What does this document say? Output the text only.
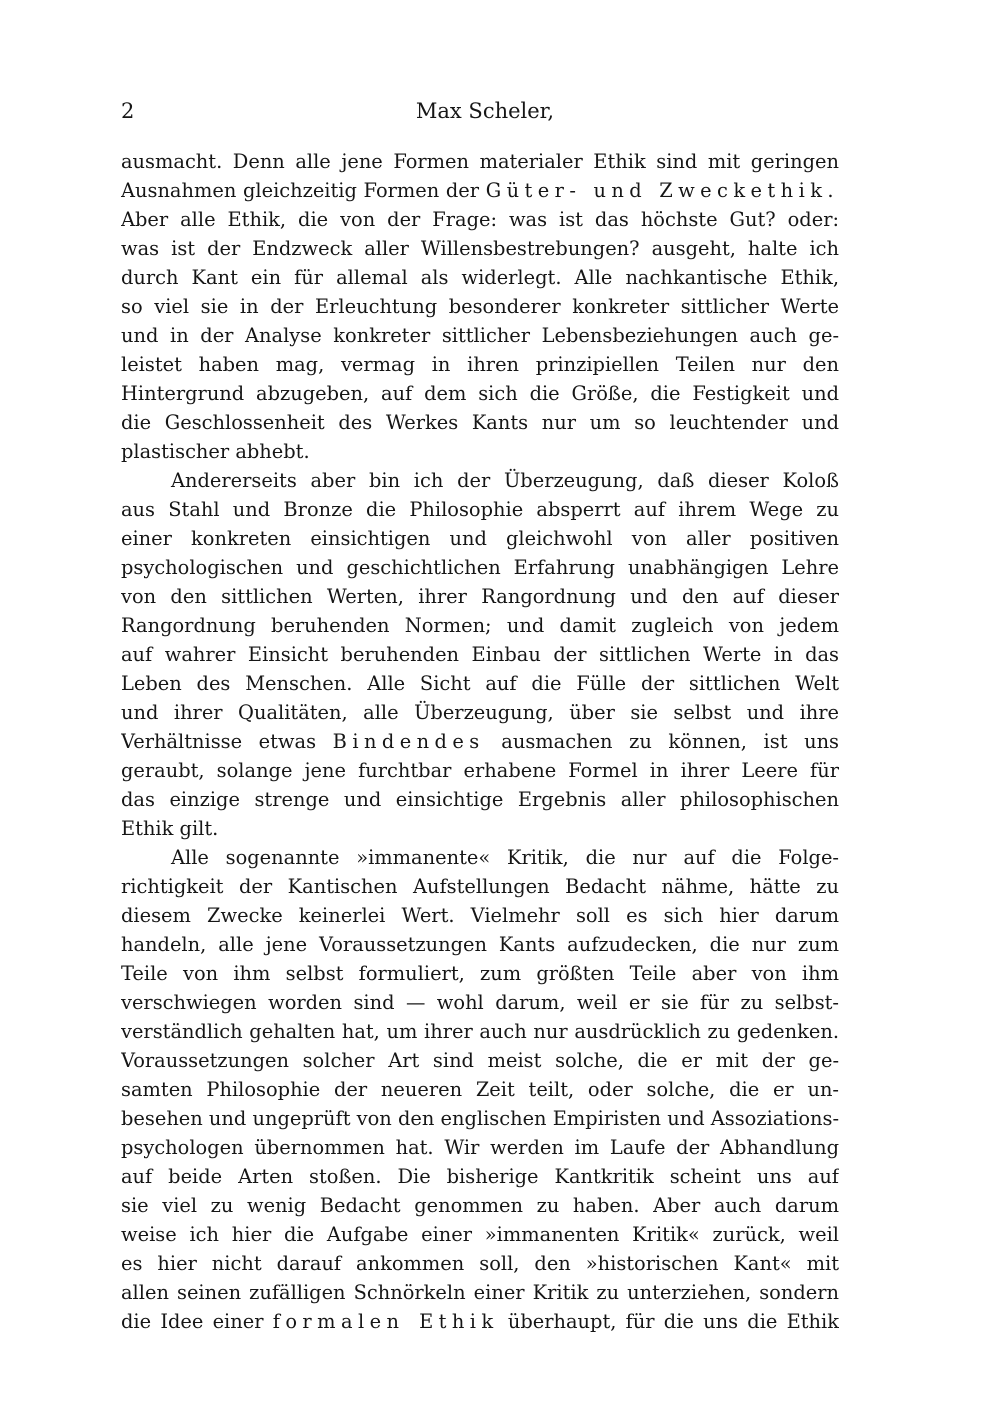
2	Max Scheler,
ausmacht. Denn alle jene Formen materialer Ethik sind mit geringen
Ausnahmen gleichzeitig Formen der Güter- und Zweckethik.
Aber alle Ethik, die von der Frage: was ist das höchste Gut? oder:
was ist der Endzweck aller Willensbestrebungen? ausgeht, halte ich
durch Kant ein für allemal als widerlegt. Alle nachkantische Ethik,
so viel sie in der Erleuchtung besonderer konkreter sittlicher Werte
und in der Analyse konkreter sittlicher Lebensbeziehungen auch ge-
leistet haben mag, vermag in ihren prinzipiellen Teilen nur den
Hintergrund abzugeben, auf dem sich die Größe, die Festigkeit und
die Geschlossenheit des Werkes Kants nur um so leuchtender und
plastischer abhebt.
Andererseits aber bin ich der Überzeugung, daß dieser Koloß
aus Stahl und Bronze die Philosophie absperrt auf ihrem Wege zu
einer konkreten einsichtigen und gleichwohl von aller positiven
psychologischen und geschichtlichen Erfahrung unabhängigen Lehre
von den sittlichen Werten, ihrer Rangordnung und den auf dieser
Rangordnung beruhenden Normen; und damit zugleich von jedem
auf wahrer Einsicht beruhenden Einbau der sittlichen Werte in das
Leben des Menschen. Alle Sicht auf die Fülle der sittlichen Welt
und ihrer Qualitäten, alle Überzeugung, über sie selbst und ihre
Verhältnisse etwas Bindendes ausmachen zu können, ist uns
geraubt, solange jene furchtbar erhabene Formel in ihrer Leere für
das einzige strenge und einsichtige Ergebnis aller philosophischen
Ethik gilt.
Alle sogenannte »immanente« Kritik, die nur auf die Folge-
richtigkeit der Kantischen Aufstellungen Bedacht nähme, hätte zu
diesem Zwecke keinerlei Wert. Vielmehr soll es sich hier darum
handeln, alle jene Voraussetzungen Kants aufzudecken, die nur zum
Teile von ihm selbst formuliert, zum größten Teile aber von ihm
verschwiegen worden sind — wohl darum, weil er sie für zu selbst-
verständlich gehalten hat, um ihrer auch nur ausdrücklich zu gedenken.
Voraussetzungen solcher Art sind meist solche, die er mit der ge-
samten Philosophie der neueren Zeit teilt, oder solche, die er un-
besehen und ungeprüft von den englischen Empiristen und Assoziations-
psychologen übernommen hat. Wir werden im Laufe der Abhandlung
auf beide Arten stoßen. Die bisherige Kantkritik scheint uns auf
sie viel zu wenig Bedacht genommen zu haben. Aber auch darum
weise ich hier die Aufgabe einer »immanenten Kritik« zurück, weil
es hier nicht darauf ankommen soll, den »historischen Kant« mit
allen seinen zufälligen Schnörkeln einer Kritik zu unterziehen, sondern
die Idee einer formalen Ethik überhaupt, für die uns die Ethik
